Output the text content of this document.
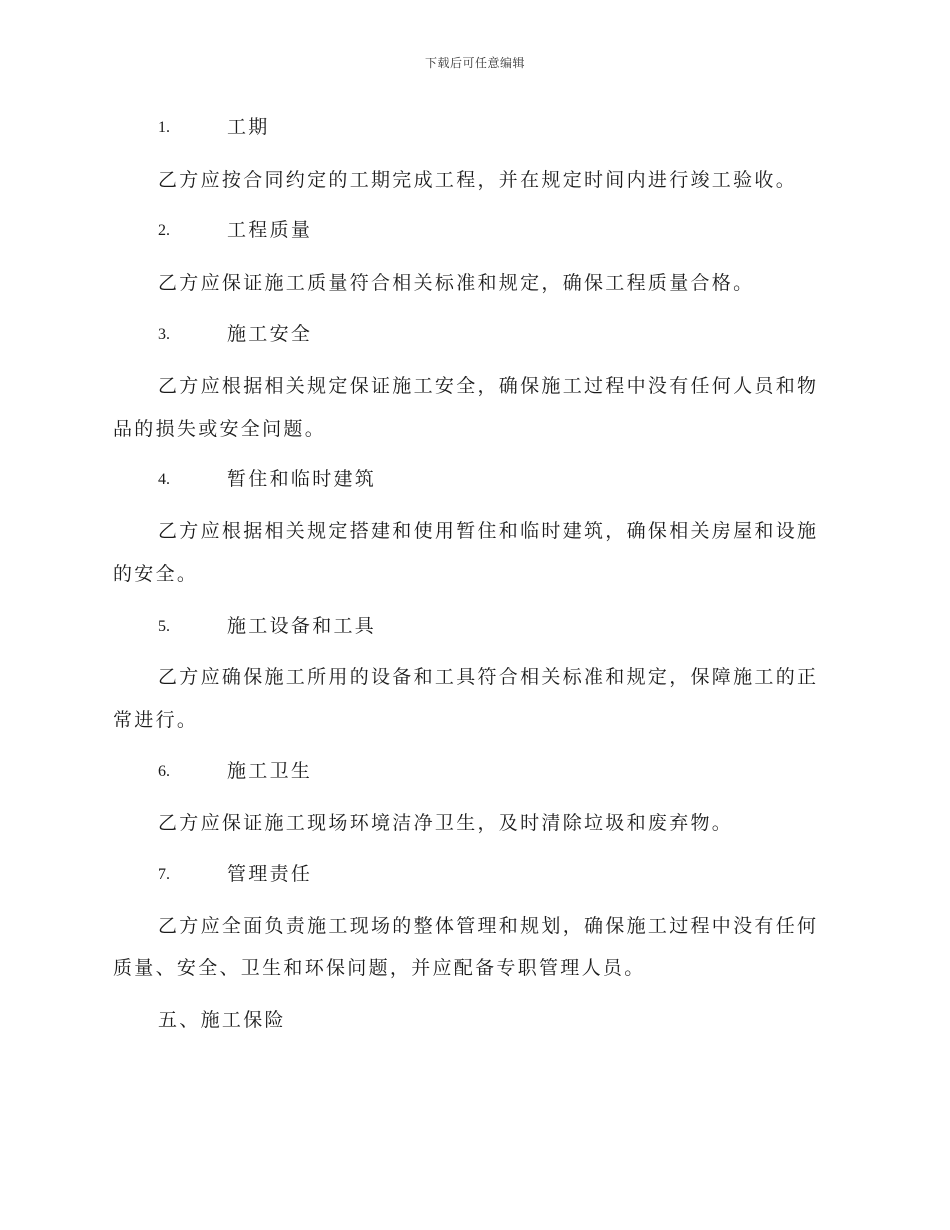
下载后可任意编辑
1.	工期
乙方应按合同约定的工期完成工程，并在规定时间内进行竣工验收。
2.	工程质量
乙方应保证施工质量符合相关标准和规定，确保工程质量合格。
3.	施工安全
乙方应根据相关规定保证施工安全，确保施工过程中没有任何人员和物
品的损失或安全问题。
4.	暂住和临时建筑
乙方应根据相关规定搭建和使用暂住和临时建筑，确保相关房屋和设施
的安全。
5.	施工设备和工具
乙方应确保施工所用的设备和工具符合相关标准和规定，保障施工的正
常进行。
6.	施工卫生
乙方应保证施工现场环境洁净卫生，及时清除垃圾和废弃物。
7.	管理责任
乙方应全面负责施工现场的整体管理和规划，确保施工过程中没有任何
质量、安全、卫生和环保问题，并应配备专职管理人员。
五、施工保险
